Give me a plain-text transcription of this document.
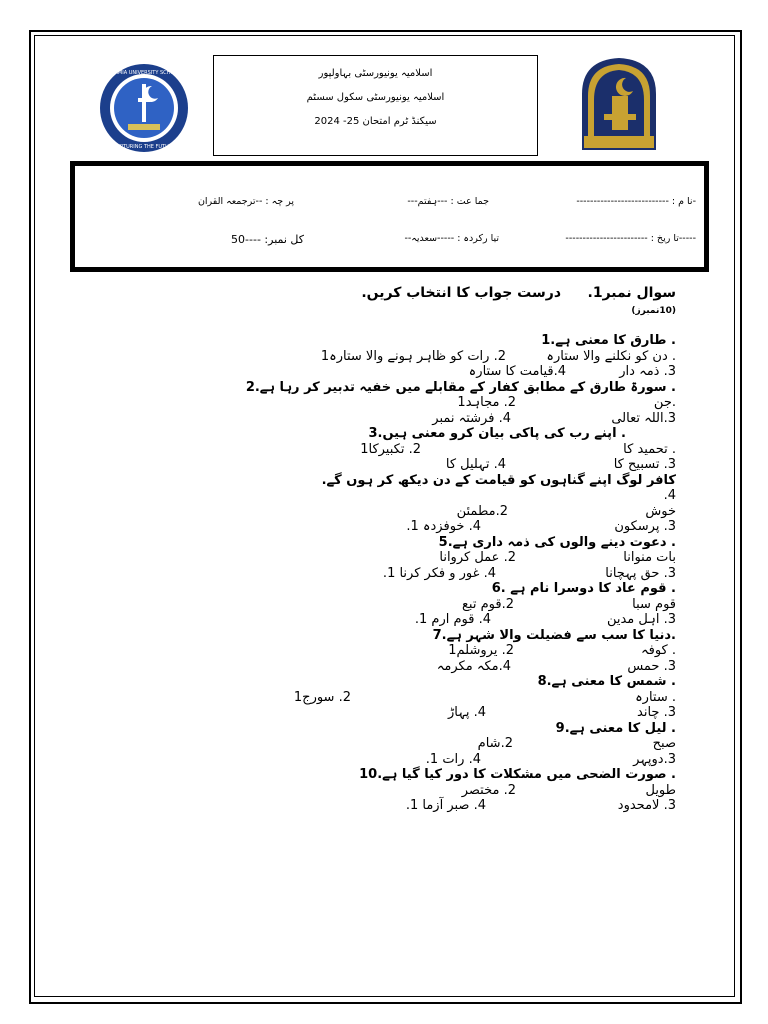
ISLAMIA UNIVERSITY SCHOOL
NURTURING THE FUTURE
اسلامیہ یونیورسٹی بہاولپور
اسلامیہ یونیورسٹی سکول سسٹم
سیکنڈ ٹرم امتحان 25- 2024
-نا م : ---------------------------
جما عت : ---ہفتم---
پر چہ : --ترجمعہ القران
-----تا ریخ : ------------------------
تیا رکردہ : -----سعدیہ--
کل نمبر: ----50
سوال نمبر1.
درست جواب کا انتخاب کریں.
(10نمبرز)
. طارق کا معنی ہے.1
. دن کو نکلنے والا ستارہ
2. رات کو ظاہر ہونے والا ستارہ1
3. ذمہ دار
4.قیامت کا ستارہ
. سورۃ طارق کے مطابق کفار کے مقابلے میں خفیہ تدبیر کر رہا ہے.2
.جن
2. مجاہد1
3.اللہ تعالی
4. فرشتہ نمبر
. اپنے رب کی پاکی بیان کرو معنی ہیں.3
. تحمید کا
2. تکبیرکا1
3. تسبیح کا
4. تہلیل کا
کافر لوگ اپنے گناہوں کو قیامت کے دن دیکھ کر ہوں گے.
4.
خوش
2.مطمئن
3. پرسکون
4. خوفزدہ 1.
. دعوت دینے والوں کی ذمہ داری ہے.5
بات منوانا
2. عمل کروانا
3. حق پہچانا
4. غور و فکر کرنا 1.
. قوم عاد کا دوسرا نام ہے .6
قوم سبا
2.قوم تبع
3. اہل مدین
4. قوم ارم 1.
.دنیا کا سب سے فضیلت والا شہر ہے.7
. کوفہ
2. یروشلم1
3. حمس
4.مکہ مکرمہ
. شمس کا معنی ہے.8
. ستارہ
2. سورج1
3. چاند
4. پہاڑ
. لیل کا معنی ہے.9
صبح
2.شام
3.دوپہر
4. رات 1.
. صورت الضحی میں مشکلات کا دور کیا گیا ہے.10
طویل
2. مختصر
3. لامحدود
4. صبر آزما 1.
